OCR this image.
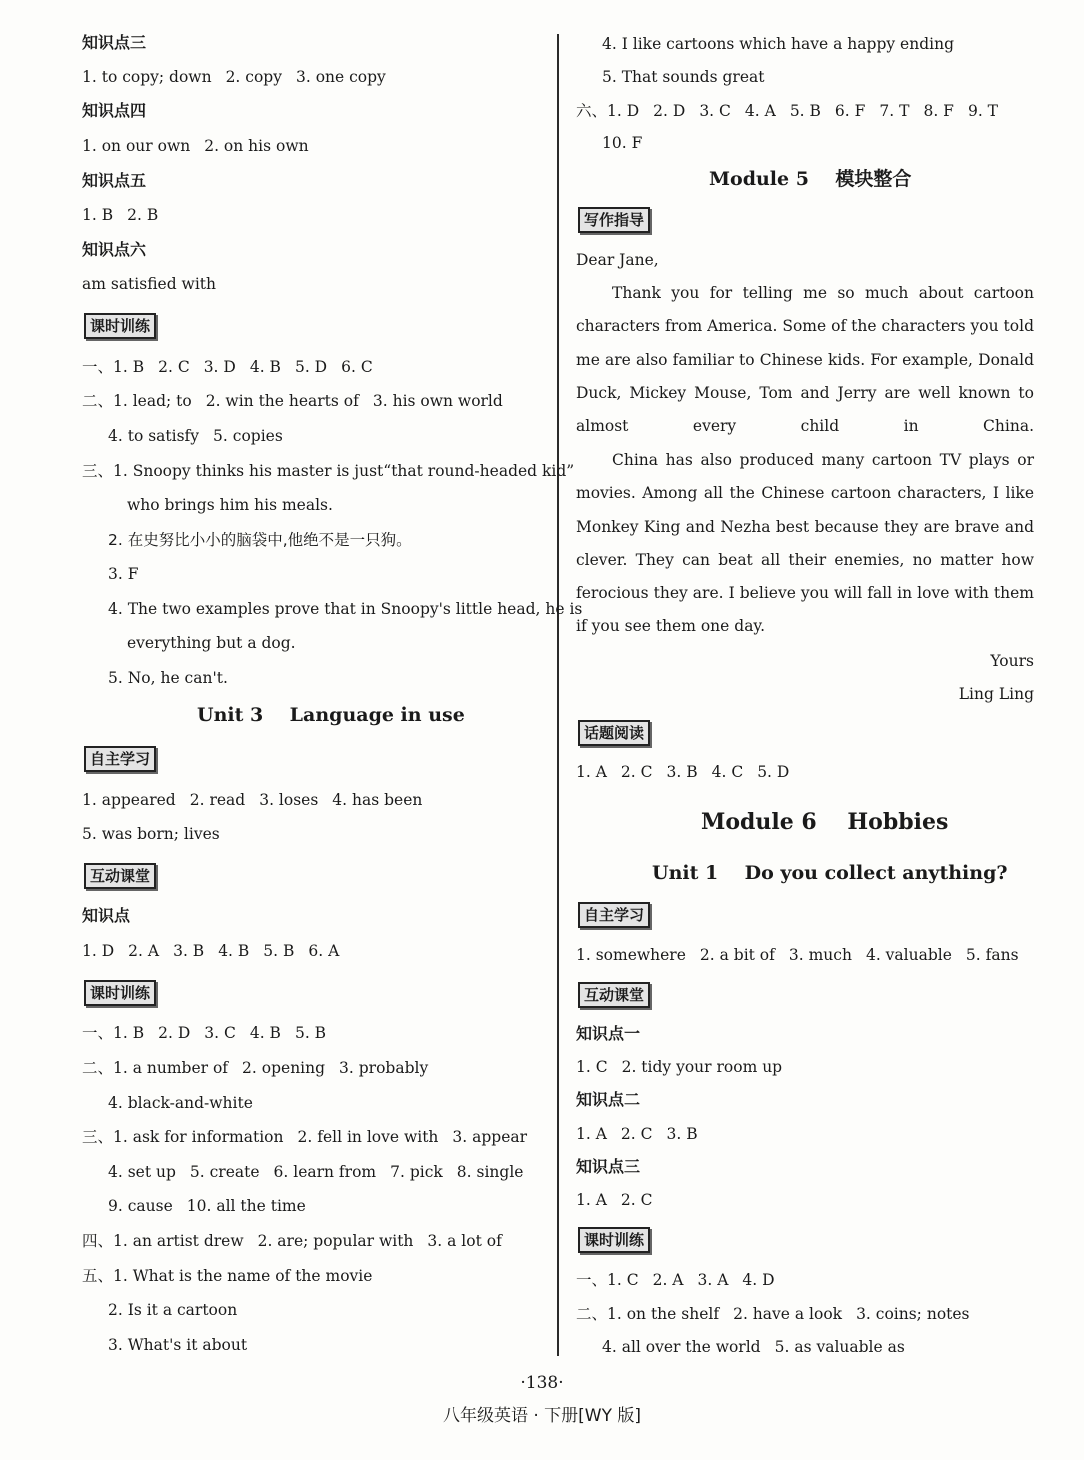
知识点三
1. to copy; down 2. copy 3. one copy
知识点四
1. on our own 2. on his own
知识点五
1. B 2. B
知识点六
am satisfied with
课时训练
一、1. B 2. C 3. D 4. B 5. D 6. C
二、1. lead; to 2. win the hearts of 3. his own world
4. to satisfy 5. copies
三、1. Snoopy thinks his master is just“that round-headed kid”
who brings him his meals.
2. 在史努比小小的脑袋中,他绝不是一只狗。
3. F
4. The two examples prove that in Snoopy's little head, he is
everything but a dog.
5. No, he can't.
Unit 3    Language in use
自主学习
1. appeared 2. read 3. loses 4. has been
5. was born; lives
互动课堂
知识点
1. D 2. A 3. B 4. B 5. B 6. A
课时训练
一、1. B 2. D 3. C 4. B 5. B
二、1. a number of 2. opening 3. probably
4. black-and-white
三、1. ask for information 2. fell in love with 3. appear
4. set up 5. create 6. learn from 7. pick 8. single
9. cause 10. all the time
四、1. an artist drew 2. are; popular with 3. a lot of
五、1. What is the name of the movie
2. Is it a cartoon
3. What's it about
4. I like cartoons which have a happy ending
5. That sounds great
六、1. D 2. D 3. C 4. A 5. B 6. F 7. T 8. F 9. T
10. F
Module 5    模块整合
写作指导
Dear Jane,
Thank you for telling me so much about cartoon characters from America. Some of the characters you told me are also familiar to Chinese kids. For example, Donald Duck, Mickey Mouse, Tom and Jerry are well known to almost every child in China.
China has also produced many cartoon TV plays or movies. Among all the Chinese cartoon characters, I like Monkey King and Nezha best because they are brave and clever. They can beat all their enemies, no matter how ferocious they are. I believe you will fall in love with them if you see them one day.
Yours
Ling Ling
话题阅读
1. A 2. C 3. B 4. C 5. D
Module 6    Hobbies
Unit 1    Do you collect anything?
自主学习
1. somewhere 2. a bit of 3. much 4. valuable 5. fans
互动课堂
知识点一
1. C 2. tidy your room up
知识点二
1. A 2. C 3. B
知识点三
1. A 2. C
课时训练
一、1. C 2. A 3. A 4. D
二、1. on the shelf 2. have a look 3. coins; notes
4. all over the world 5. as valuable as
·138·
八年级英语 · 下册[WY 版]
